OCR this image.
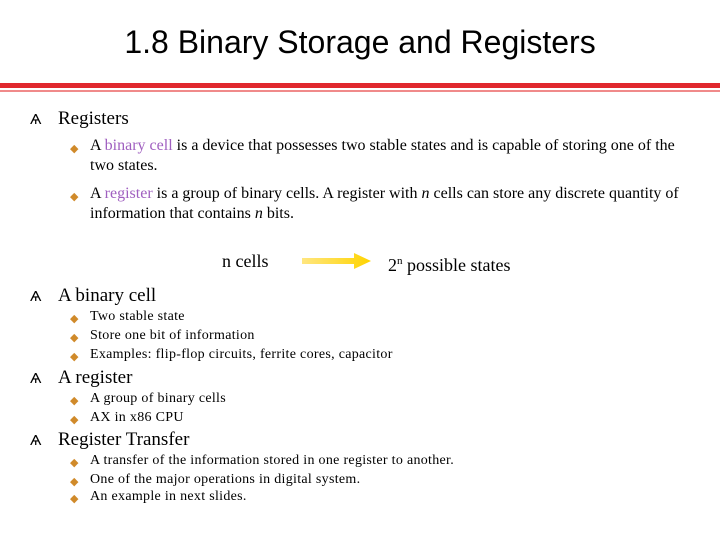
1.8 Binary Storage and Registers
Ѧ Registers
◆ A binary cell is a device that possesses two stable states and is capable of storing one of the two states.
◆ A register is a group of binary cells. A register with n cells can store any discrete quantity of information that contains n bits.
n cells	2$^n$ possible states
Ѧ A binary cell
◆ Two stable state
◆ Store one bit of information
◆ Examples: flip-flop circuits, ferrite cores, capacitor
Ѧ A register
◆ A group of binary cells
◆ AX in x86 CPU
Ѧ Register Transfer
◆ A transfer of the information stored in one register to another.
◆ One of the major operations in digital system.
◆ An example in next slides.
